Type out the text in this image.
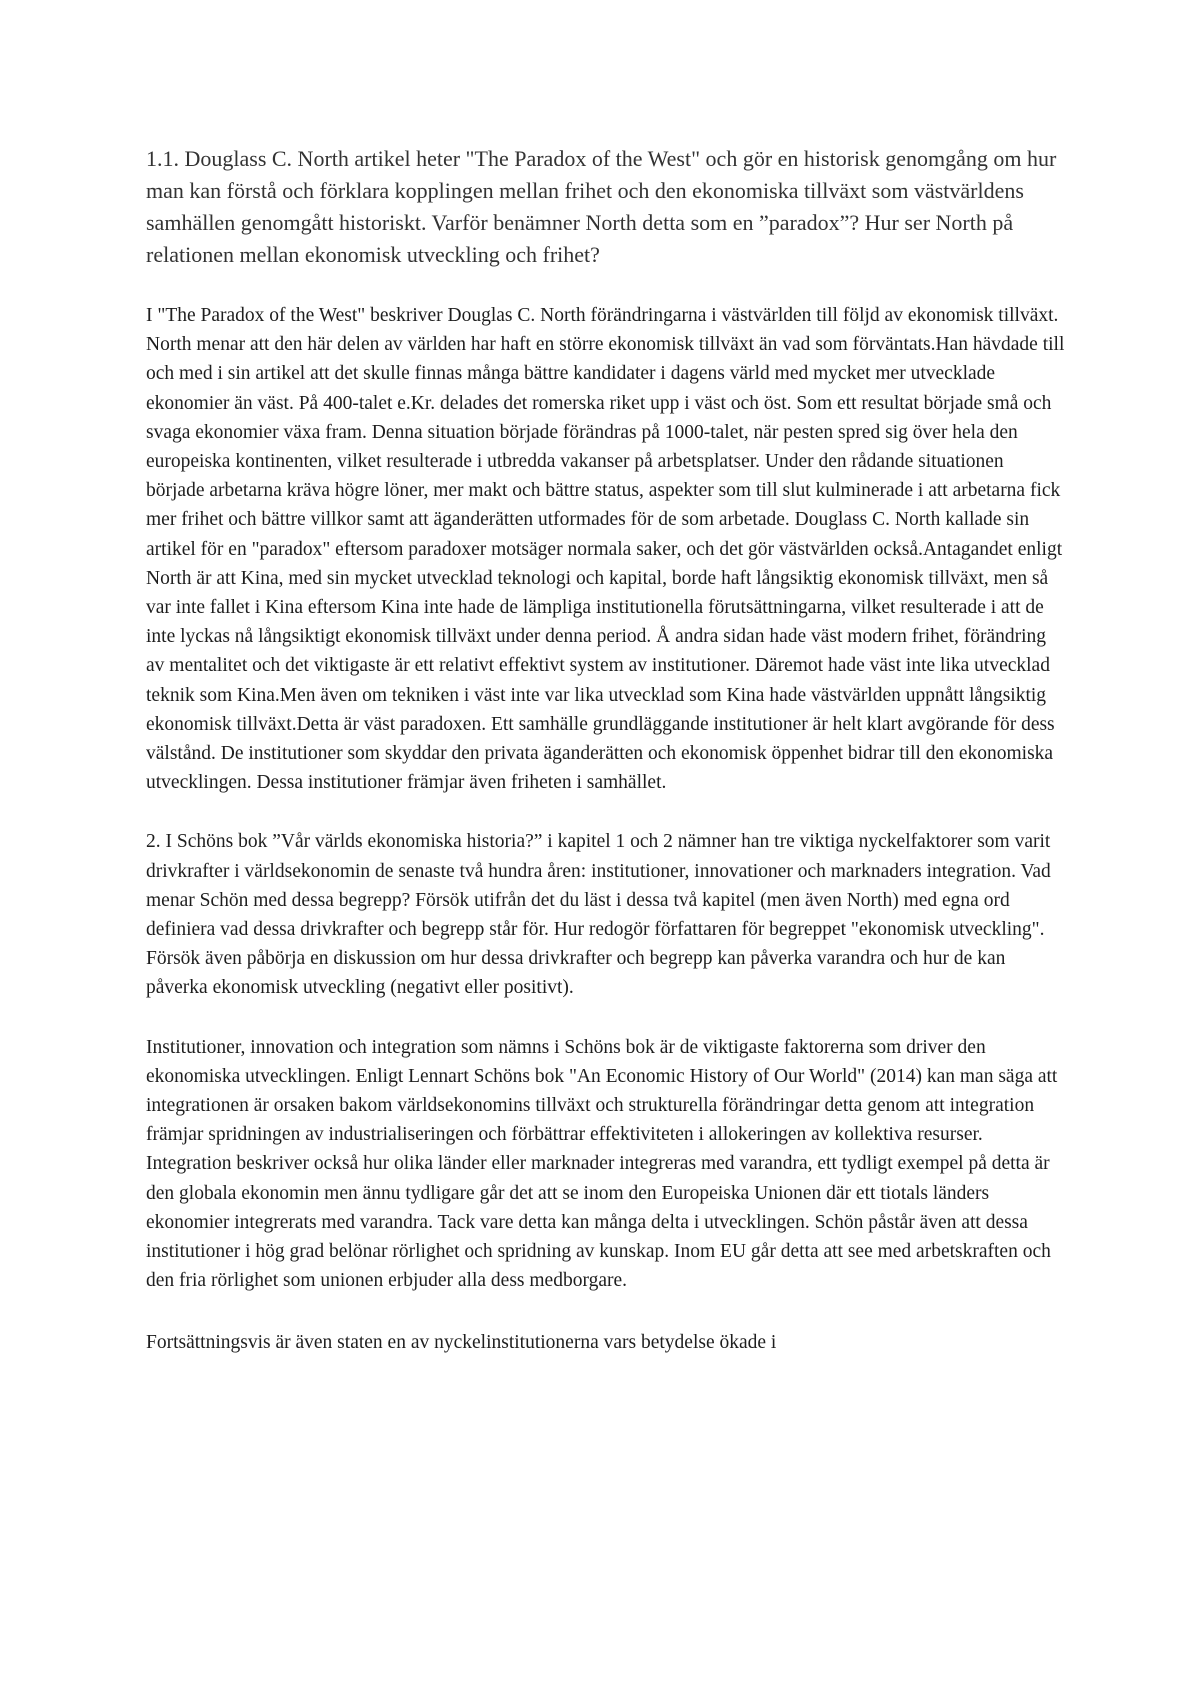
1.1. Douglass C. North artikel heter "The Paradox of the West" och gör en historisk genomgång om hur man kan förstå och förklara kopplingen mellan frihet och den ekonomiska tillväxt som västvärldens samhällen genomgått historiskt. Varför benämner North detta som en ”paradox”? Hur ser North på relationen mellan ekonomisk utveckling och frihet?

I "The Paradox of the West" beskriver Douglas C. North förändringarna i västvärlden till följd av ekonomisk tillväxt. North menar att den här delen av världen har haft en större ekonomisk tillväxt än vad som förväntats.Han hävdade till och med i sin artikel att det skulle finnas många bättre kandidater i dagens värld med mycket mer utvecklade ekonomier än väst. På 400-talet e.Kr. delades det romerska riket upp i väst och öst. Som ett resultat började små och svaga ekonomier växa fram. Denna situation började förändras på 1000-talet, när pesten spred sig över hela den europeiska kontinenten, vilket resulterade i utbredda vakanser på arbetsplatser. Under den rådande situationen började arbetarna kräva högre löner, mer makt och bättre status, aspekter som till slut kulminerade i att arbetarna fick mer frihet och bättre villkor samt att äganderätten utformades för de som arbetade. Douglass C. North kallade sin artikel för en "paradox" eftersom paradoxer motsäger normala saker, och det gör västvärlden också.Antagandet enligt North är att Kina, med sin mycket utvecklad teknologi och kapital, borde haft långsiktig ekonomisk tillväxt, men så var inte fallet i Kina eftersom Kina inte hade de lämpliga institutionella förutsättningarna, vilket resulterade i att de inte lyckas nå långsiktigt ekonomisk tillväxt under denna period. Å andra sidan hade väst modern frihet, förändring av mentalitet och det viktigaste är ett relativt effektivt system av institutioner. Däremot hade väst inte lika utvecklad teknik som Kina.Men även om tekniken i väst inte var lika utvecklad som Kina hade västvärlden uppnått långsiktig ekonomisk tillväxt.Detta är väst paradoxen. Ett samhälle grundläggande institutioner är helt klart avgörande för dess välstånd. De institutioner som skyddar den privata äganderätten och ekonomisk öppenhet bidrar till den ekonomiska utvecklingen. Dessa institutioner främjar även friheten i samhället.

2. I Schöns bok ”Vår världs ekonomiska historia?” i kapitel 1 och 2 nämner han tre viktiga nyckelfaktorer som varit drivkrafter i världsekonomin de senaste två hundra åren: institutioner, innovationer och marknaders integration. Vad menar Schön med dessa begrepp? Försök utifrån det du läst i dessa två kapitel (men även North) med egna ord definiera vad dessa drivkrafter och begrepp står för. Hur redogör författaren för begreppet "ekonomisk utveckling". Försök även påbörja en diskussion om hur dessa drivkrafter och begrepp kan påverka varandra och hur de kan påverka ekonomisk utveckling (negativt eller positivt).

Institutioner, innovation och integration som nämns i Schöns bok är de viktigaste faktorerna som driver den ekonomiska utvecklingen. Enligt Lennart Schöns bok "An Economic History of Our World" (2014) kan man säga att integrationen är orsaken bakom världsekonomins tillväxt och strukturella förändringar detta genom att integration främjar spridningen av industrialiseringen och förbättrar effektiviteten i allokeringen av kollektiva resurser. Integration beskriver också hur olika länder eller marknader integreras med varandra, ett tydligt exempel på detta är den globala ekonomin men ännu tydligare går det att se inom den Europeiska Unionen där ett tiotals länders ekonomier integrerats med varandra. Tack vare detta kan många delta i utvecklingen. Schön påstår även att dessa institutioner i hög grad belönar rörlighet och spridning av kunskap. Inom EU går detta att see med arbetskraften och den fria rörlighet som unionen erbjuder alla dess medborgare.

Fortsättningsvis är även staten en av nyckelinstitutionerna vars betydelse ökade i
